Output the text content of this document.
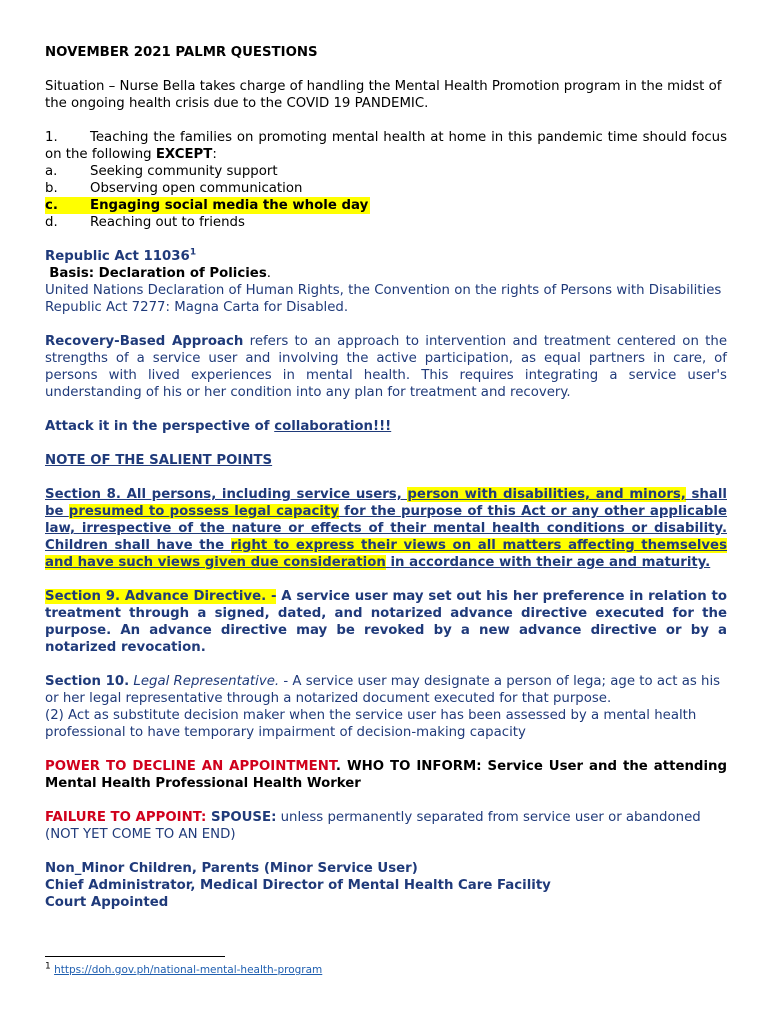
NOVEMBER 2021 PALMR QUESTIONS

Situation – Nurse Bella takes charge of handling the Mental Health Promotion program in the midst of the ongoing health crisis due to the COVID 19 PANDEMIC.

1. Teaching the families on promoting mental health at home in this pandemic time should focus on the following EXCEPT:

a.	Seeking community support
b.	Observing open communication
c.	Engaging social media the whole day
d.	Reaching out to friends

Republic Act 11036$^1$

Basis: Declaration of Policies.

United Nations Declaration of Human Rights, the Convention on the rights of Persons with Disabilities

Republic Act 7277: Magna Carta for Disabled.

Recovery-Based Approach refers to an approach to intervention and treatment centered on the strengths of a service user and involving the active participation, as equal partners in care, of persons with lived experiences in mental health. This requires integrating a service user's understanding of his or her condition into any plan for treatment and recovery.

Attack it in the perspective of collaboration!!!

NOTE OF THE SALIENT POINTS

Section 8. All persons, including service users, person with disabilities, and minors, shall be presumed to possess legal capacity for the purpose of this Act or any other applicable law, irrespective of the nature or effects of their mental health conditions or disability. Children shall have the right to express their views on all matters affecting themselves and have such views given due consideration in accordance with their age and maturity.

Section 9. Advance Directive. - A service user may set out his her preference in relation to treatment through a signed, dated, and notarized advance directive executed for the purpose. An advance directive may be revoked by a new advance directive or by a notarized revocation.

Section 10. Legal Representative. - A service user may designate a person of lega; age to act as his or her legal representative through a notarized document executed for that purpose.

(2) Act as substitute decision maker when the service user has been assessed by a mental health professional to have temporary impairment of decision-making capacity

POWER TO DECLINE AN APPOINTMENT. WHO TO INFORM: Service User and the attending Mental Health Professional Health Worker

FAILURE TO APPOINT: SPOUSE: unless permanently separated from service user or abandoned

(NOT YET COME TO AN END)

Non_Minor Children, Parents (Minor Service User)

Chief Administrator, Medical Director of Mental Health Care Facility

Court Appointed

$^1$ https://doh.gov.ph/national-mental-health-program
